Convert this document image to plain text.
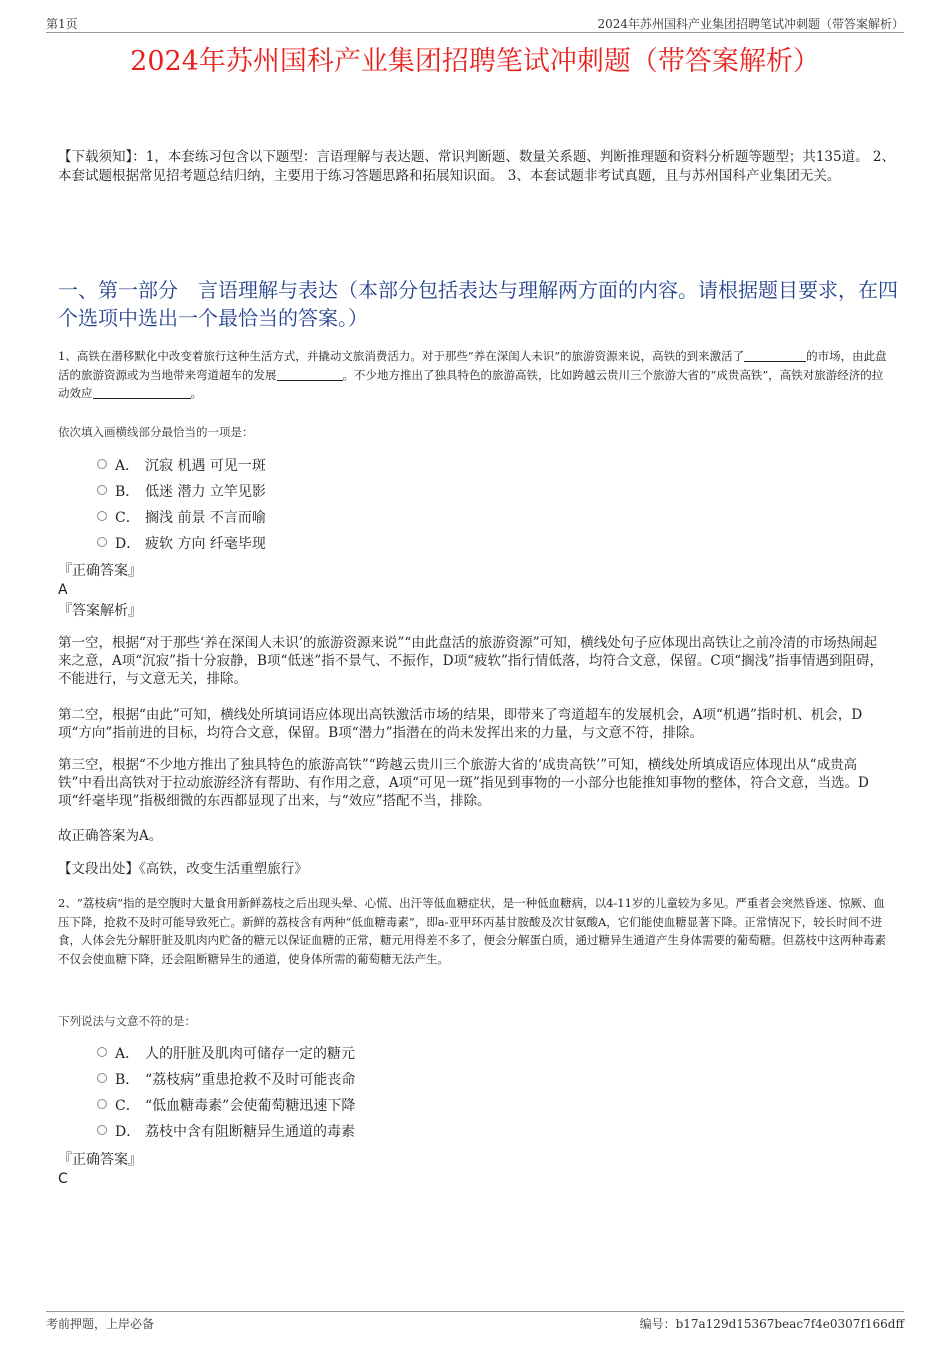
第1页	2024年苏州国科产业集团招聘笔试冲刺题（带答案解析）
2024年苏州国科产业集团招聘笔试冲刺题（带答案解析）
【下载须知】：1，本套练习包含以下题型：言语理解与表达题、常识判断题、数量关系题、判断推理题和资料分析题等题型；共135道。 2、本套试题根据常见招考题总结归纳，主要用于练习答题思路和拓展知识面。 3、本套试题非考试真题，且与苏州国科产业集团无关。
一、第一部分　言语理解与表达（本部分包括表达与理解两方面的内容。请根据题目要求，在四个选项中选出一个最恰当的答案。）
1、高铁在潜移默化中改变着旅行这种生活方式，并撬动文旅消费活力。对于那些“养在深闺人未识”的旅游资源来说，高铁的到来激活了	的市场，由此盘活的旅游资源或为当地带来弯道超车的发展	。不少地方推出了独具特色的旅游高铁，比如跨越云贵川三个旅游大省的“成贵高铁”，高铁对旅游经济的拉动效应	。
依次填入画横线部分最恰当的一项是：
A． 沉寂 机遇 可见一斑
B． 低迷 潜力 立竿见影
C． 搁浅 前景 不言而喻
D． 疲软 方向 纤毫毕现
『正确答案』
A
『答案解析』
第一空，根据“对于那些‘养在深闺人未识’的旅游资源来说”“由此盘活的旅游资源”可知，横线处句子应体现出高铁让之前冷清的市场热闹起来之意，A项“沉寂”指十分寂静，B项“低迷”指不景气、不振作，D项“疲软”指行情低落，均符合文意，保留。C项“搁浅”指事情遇到阻碍，不能进行，与文意无关，排除。
第二空，根据“由此”可知，横线处所填词语应体现出高铁激活市场的结果，即带来了弯道超车的发展机会，A项“机遇”指时机、机会，D项“方向”指前进的目标，均符合文意，保留。B项“潜力”指潜在的尚未发挥出来的力量，与文意不符，排除。
第三空，根据“不少地方推出了独具特色的旅游高铁”“跨越云贵川三个旅游大省的‘成贵高铁’”可知，横线处所填成语应体现出从“成贵高铁”中看出高铁对于拉动旅游经济有帮助、有作用之意，A项“可见一斑”指见到事物的一小部分也能推知事物的整体，符合文意，当选。D项“纤毫毕现”指极细微的东西都显现了出来，与“效应”搭配不当，排除。
故正确答案为A。
【文段出处】《高铁，改变生活重塑旅行》
2、“荔枝病”指的是空腹时大量食用新鲜荔枝之后出现头晕、心慌、出汗等低血糖症状，是一种低血糖病，以4-11岁的儿童较为多见。严重者会突然昏迷、惊厥、血压下降，抢救不及时可能导致死亡。新鲜的荔枝含有两种“低血糖毒素”，即a-亚甲环丙基甘胺酸及次甘氨酸A，它们能使血糖显著下降。正常情况下，较长时间不进食，人体会先分解肝脏及肌肉内贮备的糖元以保证血糖的正常，糖元用得差不多了，便会分解蛋白质，通过糖异生通道产生身体需要的葡萄糖。但荔枝中这两种毒素不仅会使血糖下降，还会阻断糖异生的通道，使身体所需的葡萄糖无法产生。
下列说法与文意不符的是：
A． 人的肝脏及肌肉可储存一定的糖元
B． “荔枝病”重患抢救不及时可能丧命
C． “低血糖毒素”会使葡萄糖迅速下降
D． 荔枝中含有阻断糖异生通道的毒素
『正确答案』
C
考前押题，上岸必备	编号：b17a129d15367beac7f4e0307f166dff
